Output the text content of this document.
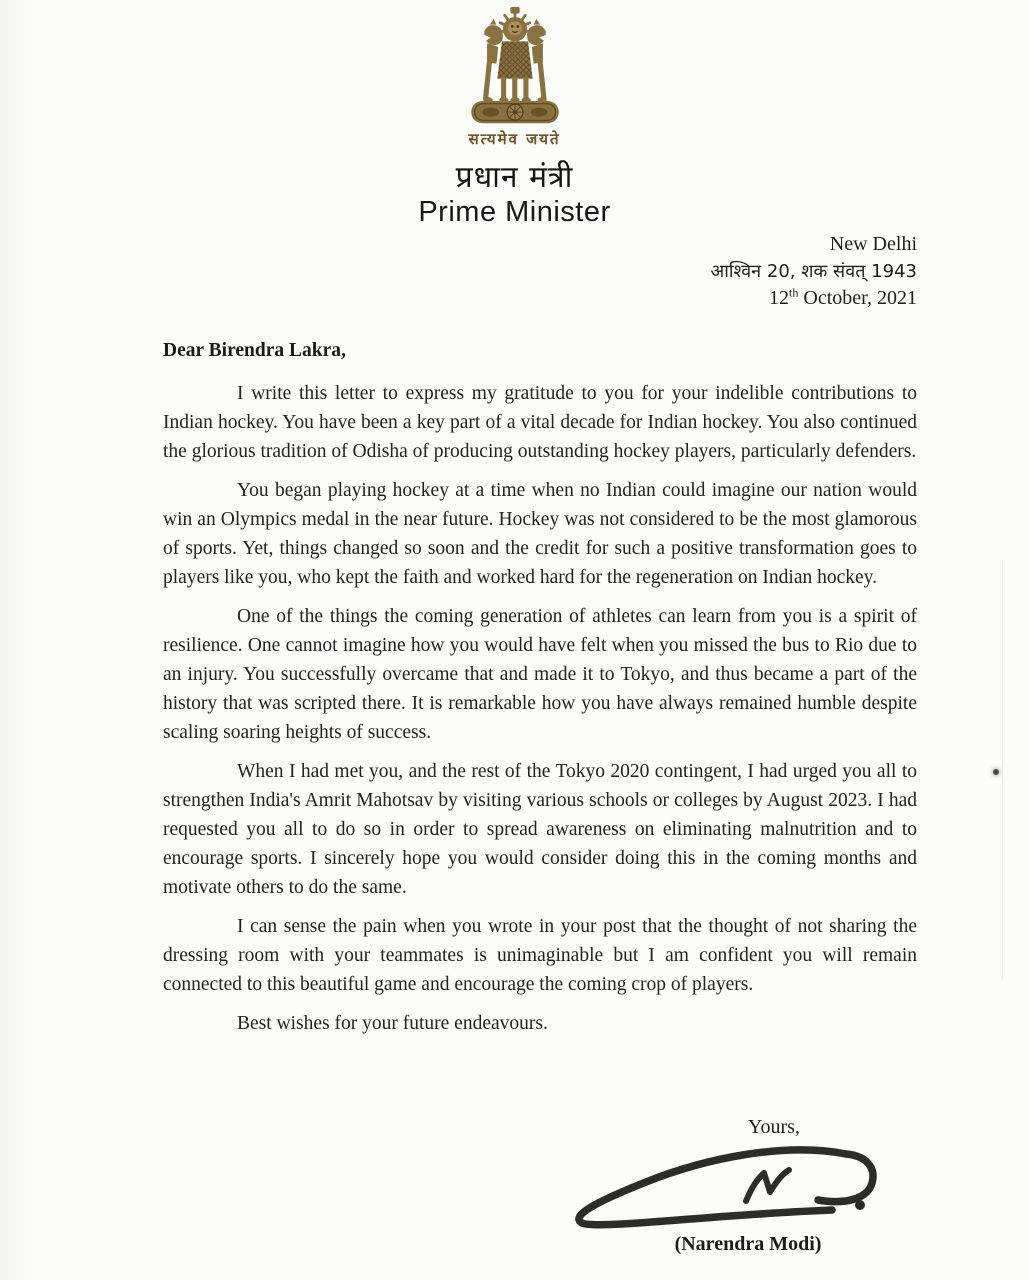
सत्यमेव जयते
प्रधान मंत्री
Prime Minister
New Delhi
आश्विन 20, शक संवत् 1943
12th October, 2021

Dear Birendra Lakra,

I write this letter to express my gratitude to you for your indelible contributions to Indian hockey. You have been a key part of a vital decade for Indian hockey. You also continued the glorious tradition of Odisha of producing outstanding hockey players, particularly defenders.

You began playing hockey at a time when no Indian could imagine our nation would win an Olympics medal in the near future. Hockey was not considered to be the most glamorous of sports. Yet, things changed so soon and the credit for such a positive transformation goes to players like you, who kept the faith and worked hard for the regeneration on Indian hockey.

One of the things the coming generation of athletes can learn from you is a spirit of resilience. One cannot imagine how you would have felt when you missed the bus to Rio due to an injury. You successfully overcame that and made it to Tokyo, and thus became a part of the history that was scripted there. It is remarkable how you have always remained humble despite scaling soaring heights of success.

When I had met you, and the rest of the Tokyo 2020 contingent, I had urged you all to strengthen India's Amrit Mahotsav by visiting various schools or colleges by August 2023. I had requested you all to do so in order to spread awareness on eliminating malnutrition and to encourage sports. I sincerely hope you would consider doing this in the coming months and motivate others to do the same.

I can sense the pain when you wrote in your post that the thought of not sharing the dressing room with your teammates is unimaginable but I am confident you will remain connected to this beautiful game and encourage the coming crop of players.

Best wishes for your future endeavours.

Yours,
(Narendra Modi)
